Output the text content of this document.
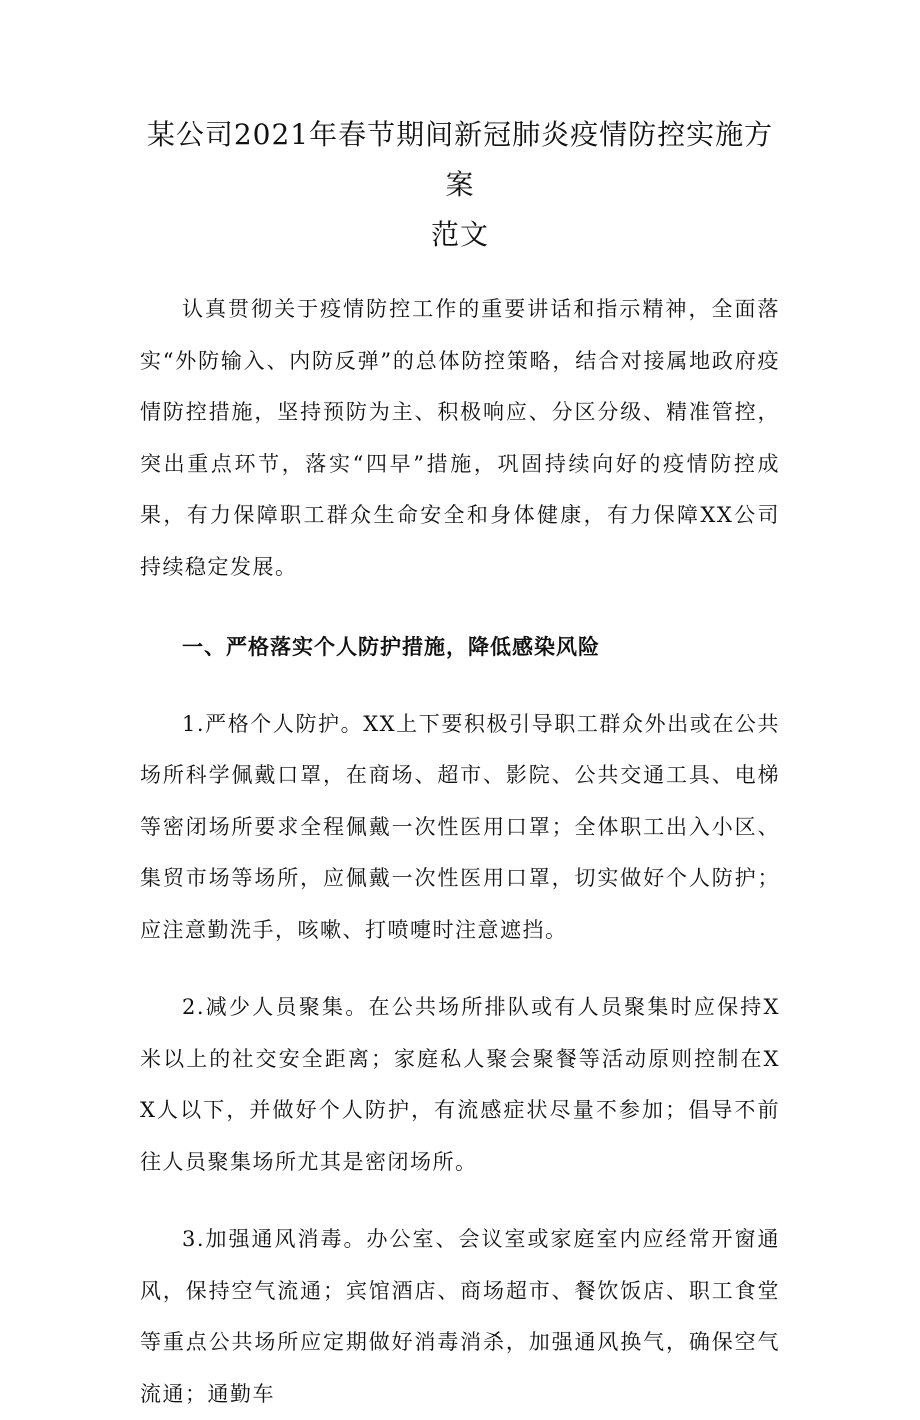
某公司2021年春节期间新冠肺炎疫情防控实施方案
范文

认真贯彻关于疫情防控工作的重要讲话和指示精神，全面落实“外防输入、内防反弹”的总体防控策略，结合对接属地政府疫情防控措施，坚持预防为主、积极响应、分区分级、精准管控，突出重点环节，落实“四早”措施，巩固持续向好的疫情防控成果，有力保障职工群众生命安全和身体健康，有力保障XX公司持续稳定发展。

一、严格落实个人防护措施，降低感染风险

1.严格个人防护。XX上下要积极引导职工群众外出或在公共场所科学佩戴口罩，在商场、超市、影院、公共交通工具、电梯等密闭场所要求全程佩戴一次性医用口罩；全体职工出入小区、集贸市场等场所，应佩戴一次性医用口罩，切实做好个人防护；应注意勤洗手，咳嗽、打喷嚏时注意遮挡。

2.减少人员聚集。在公共场所排队或有人员聚集时应保持X米以上的社交安全距离；家庭私人聚会聚餐等活动原则控制在XX人以下，并做好个人防护，有流感症状尽量不参加；倡导不前往人员聚集场所尤其是密闭场所。

3.加强通风消毒。办公室、会议室或家庭室内应经常开窗通风，保持空气流通；宾馆酒店、商场超市、餐饮饭店、职工食堂等重点公共场所应定期做好消毒消杀，加强通风换气，确保空气流通；通勤车
